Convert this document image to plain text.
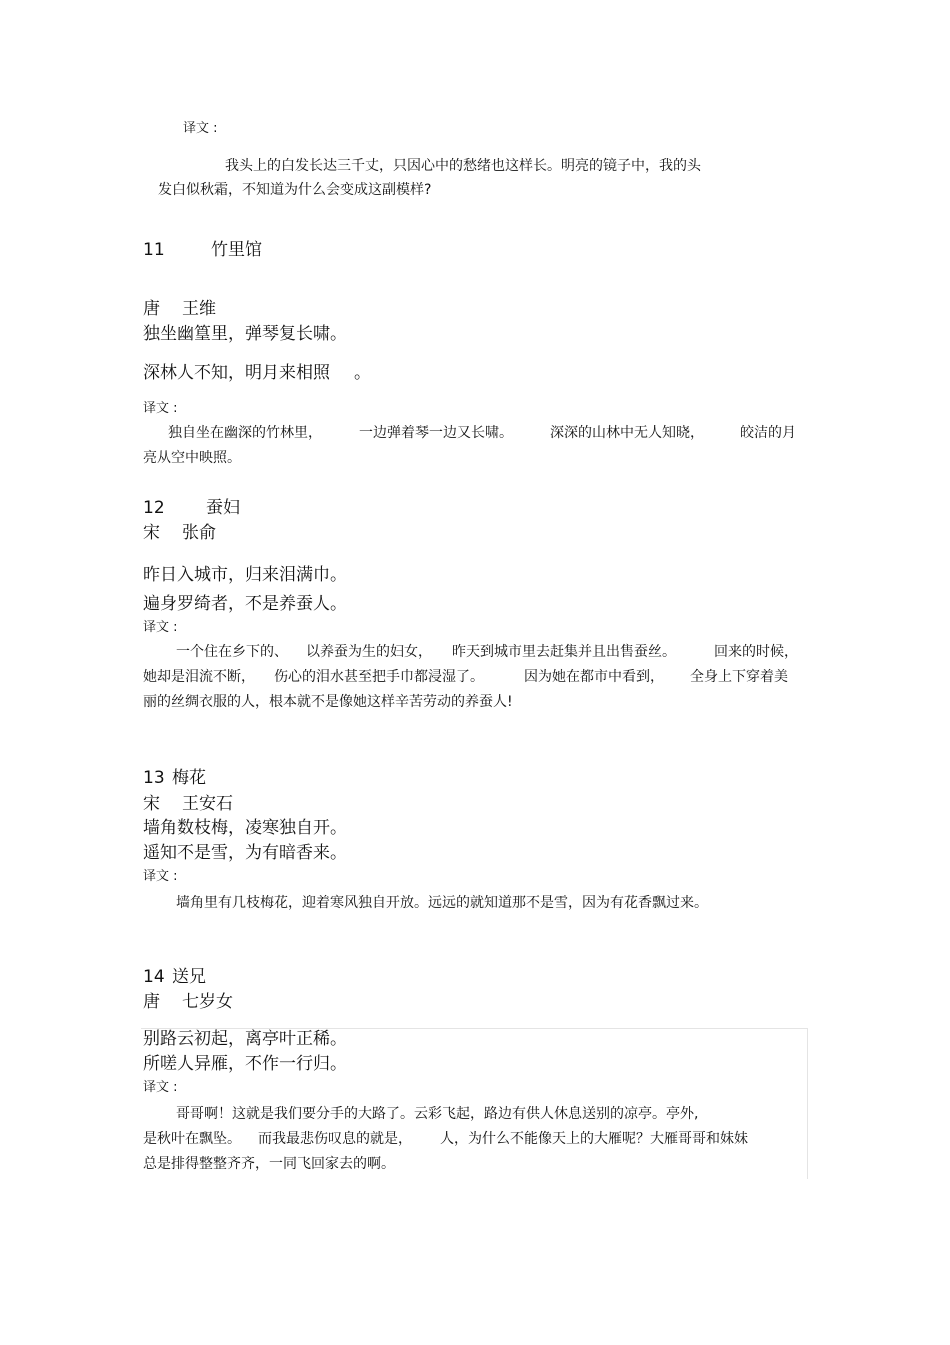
译文 :
我头上的白发长达三千丈，只因心中的愁绪也这样长。明亮的镜子中，我的头
发白似秋霜，不知道为什么会变成这副模样?
11	竹里馆
唐 王维
独坐幽篁里，弹琴复长啸。
深林人不知，明月来相照 。
译文 :
独自坐在幽深的竹林里，	一边弹着琴一边又长啸。	深深的山林中无人知晓，	皎洁的月
亮从空中映照。
12 蚕妇
宋 张俞
昨日入城市，归来泪满巾。
遍身罗绮者，不是养蚕人。
译文 :
一个住在乡下的、 以养蚕为生的妇女， 昨天到城市里去赶集并且出售蚕丝。	回来的时候，
她却是泪流不断， 伤心的泪水甚至把手巾都浸湿了。	因为她在都市中看到， 全身上下穿着美
丽的丝绸衣服的人，根本就不是像她这样辛苦劳动的养蚕人!
13 梅花
宋 王安石
墙角数枝梅，凌寒独自开。
遥知不是雪，为有暗香来。
译文 :
墙角里有几枝梅花，迎着寒风独自开放。远远的就知道那不是雪，因为有花香飘过来。
14 送兄
唐 七岁女
别路云初起，离亭叶正稀。
所嗟人异雁，不作一行归。
译文 :
哥哥啊！这就是我们要分手的大路了。云彩飞起，路边有供人休息送别的凉亭。亭外,
是秋叶在飘坠。 而我最悲伤叹息的就是， 人，为什么不能像天上的大雁呢？大雁哥哥和妹妹
总是排得整整齐齐，一同飞回家去的啊。
